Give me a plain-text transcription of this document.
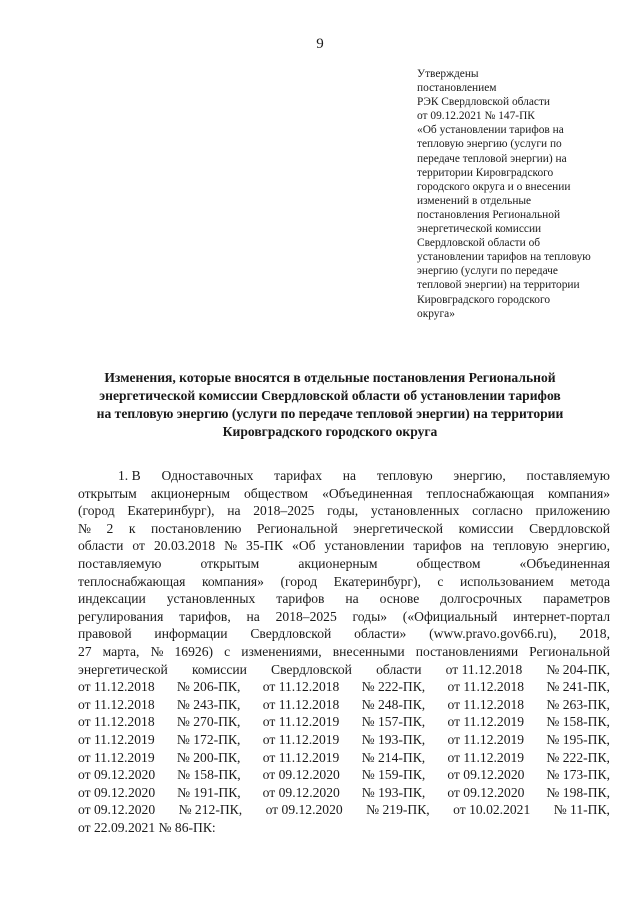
9
Утверждены
постановлением
РЭК Свердловской области
от 09.12.2021 № 147-ПК
«Об установлении тарифов на
тепловую энергию (услуги по
передаче тепловой энергии) на
территории Кировградского
городского округа и о внесении
изменений в отдельные
постановления Региональной
энергетической комиссии
Свердловской области об
установлении тарифов на тепловую
энергию (услуги по передаче
тепловой энергии) на территории
Кировградского городского
округа»
Изменения, которые вносятся в отдельные постановления Региональной
энергетической комиссии Свердловской области об установлении тарифов
на тепловую энергию (услуги по передаче тепловой энергии) на территории
Кировградского городского округа
1. В Одноставочных тарифах на тепловую энергию, поставляемую
открытым акционерным обществом «Объединенная теплоснабжающая компания»
(город Екатеринбург), на 2018–2025 годы, установленных согласно приложению
№ 2 к постановлению Региональной энергетической комиссии Свердловской
области от 20.03.2018 № 35-ПК «Об установлении тарифов на тепловую энергию,
поставляемую	открытым	акционерным	обществом	«Объединенная
теплоснабжающая компания» (город Екатеринбург), с использованием метода
индексации установленных тарифов на основе долгосрочных параметров
регулирования тарифов, на 2018–2025 годы» («Официальный интернет-портал
правовой информации Свердловской области» (www.pravo.gov66.ru), 2018,
27 марта, № 16926) с изменениями, внесенными постановлениями Региональной
энергетической комиссии Свердловской области от 11.12.2018 № 204-ПК,
от 11.12.2018 № 206-ПК, от 11.12.2018 № 222-ПК, от 11.12.2018 № 241-ПК,
от 11.12.2018 № 243-ПК, от 11.12.2018 № 248-ПК, от 11.12.2018 № 263-ПК,
от 11.12.2018 № 270-ПК, от 11.12.2019 № 157-ПК, от 11.12.2019 № 158-ПК,
от 11.12.2019 № 172-ПК, от 11.12.2019 № 193-ПК, от 11.12.2019 № 195-ПК,
от 11.12.2019 № 200-ПК, от 11.12.2019 № 214-ПК, от 11.12.2019 № 222-ПК,
от 09.12.2020 № 158-ПК, от 09.12.2020 № 159-ПК, от 09.12.2020 № 173-ПК,
от 09.12.2020 № 191-ПК, от 09.12.2020 № 193-ПК, от 09.12.2020 № 198-ПК,
от 09.12.2020 № 212-ПК, от 09.12.2020 № 219-ПК, от 10.02.2021 № 11-ПК,
от 22.09.2021 № 86-ПК:
